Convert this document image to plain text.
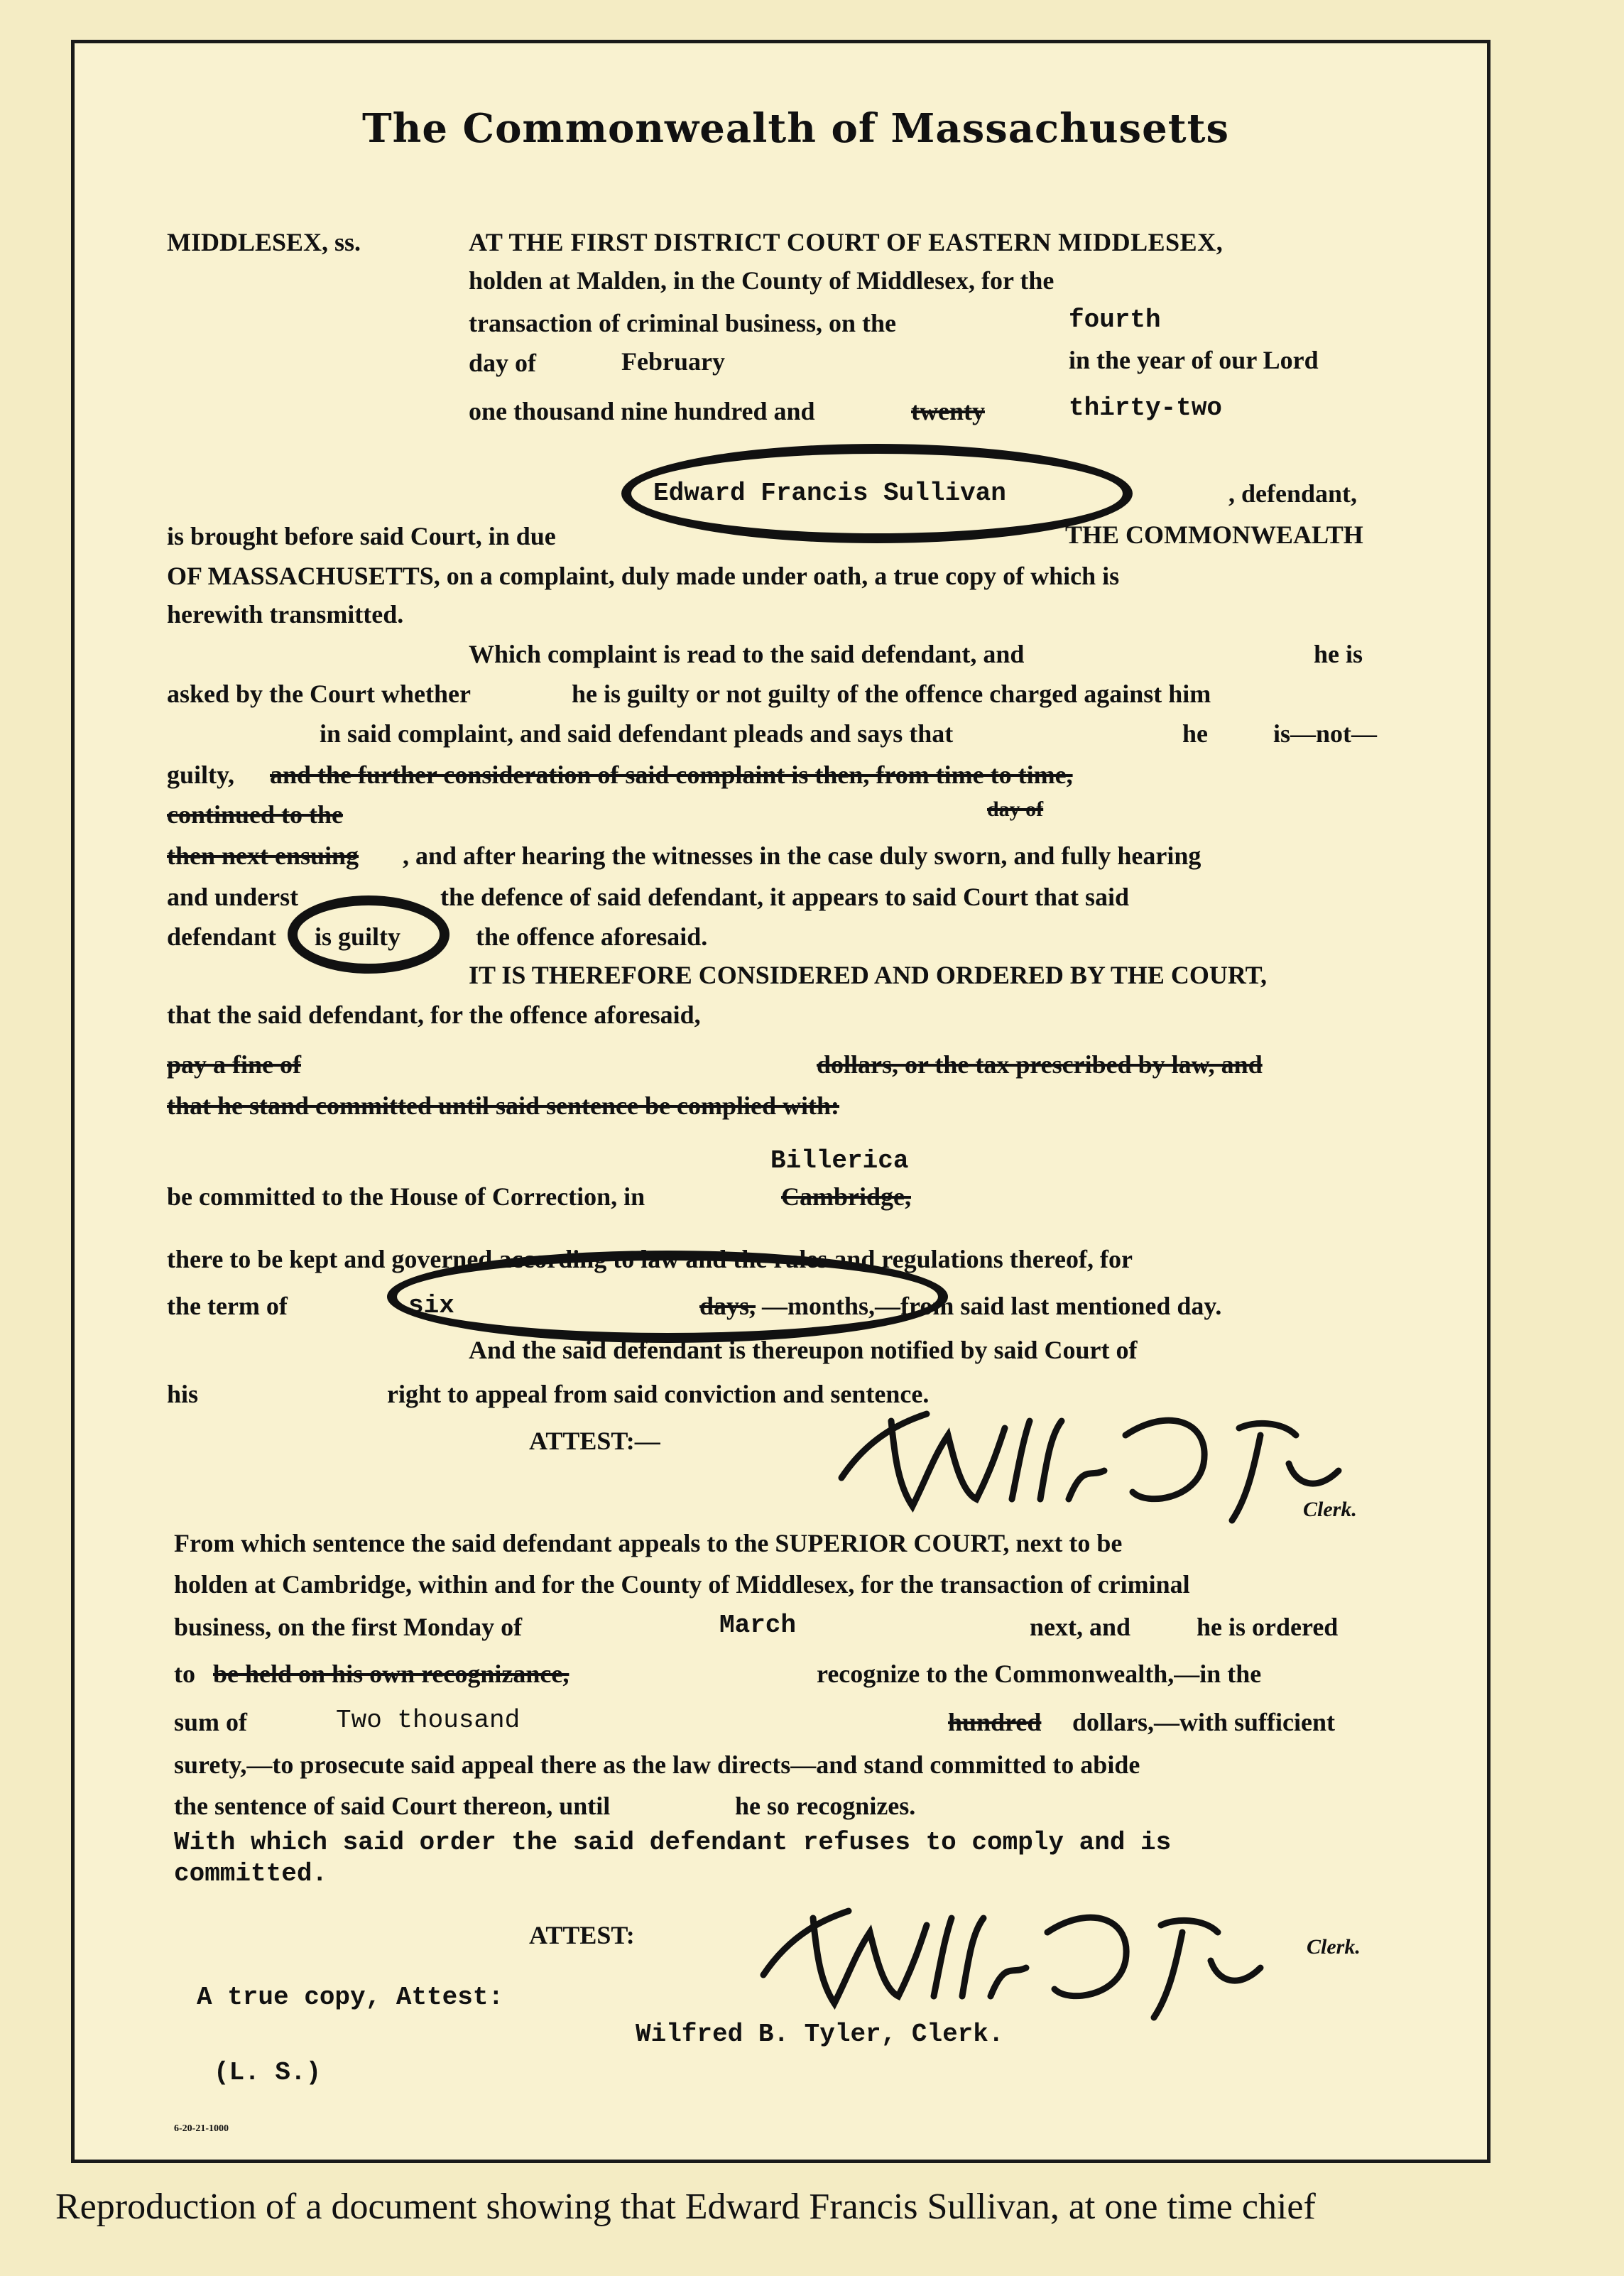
The Commonwealth of Massachusetts
MIDDLESEX, ss.	AT THE FIRST DISTRICT COURT OF EASTERN MIDDLESEX,
holden at Malden, in the County of Middlesex, for the
transaction of criminal business, on the	fourth
day of	February	in the year of our Lord
one thousand nine hundred and	twenty	thirty-two
Edward Francis Sullivan	, defendant,
is brought before said Court, in due	THE COMMONWEALTH
OF MASSACHUSETTS, on a complaint, duly made under oath, a true copy of which is
herewith transmitted.
Which complaint is read to the said defendant, and	he is
asked by the Court whether	he is guilty or not guilty of the offence charged against him
in said complaint, and said defendant pleads and says that	he	is—not—
guilty, and the further consideration of said complaint is then, from time to time,
continued to the	day of
then next ensuing , and after hearing the witnesses in the case duly sworn, and fully hearing
and underst	the defence of said defendant, it appears to said Court that said
defendant is guilty	the offence aforesaid.
IT IS THEREFORE CONSIDERED AND ORDERED BY THE COURT,
that the said defendant, for the offence aforesaid,
pay a fine of	dollars, or the tax prescribed by law, and
that he stand committed until said sentence be complied with:
Billerica
be committed to the House of Correction, in	Cambridge,
there to be kept and governed according to law and the rules and regulations thereof, for
the term of	six	days, —months,—from said last mentioned day.
And the said defendant is thereupon notified by said Court of
his	right to appeal from said conviction and sentence.
ATTEST:—
Clerk.
From which sentence the said defendant appeals to the SUPERIOR COURT, next to be
holden at Cambridge, within and for the County of Middlesex, for the transaction of criminal
business, on the first Monday of	March	next, and	he is ordered
to be held on his own recognizance,	recognize to the Commonwealth,—in the
sum of	Two thousand	hundred dollars,—with sufficient
surety,—to prosecute said appeal there as the law directs—and stand committed to abide
the sentence of said Court thereon, until	he so recognizes.
With which said order the said defendant refuses to comply and is
committed.
ATTEST:	Clerk.
A true copy, Attest:
Wilfred B. Tyler, Clerk.
(L. S.)
6-20-21-1000
Reproduction of a document showing that Edward Francis Sullivan, at one time chief
